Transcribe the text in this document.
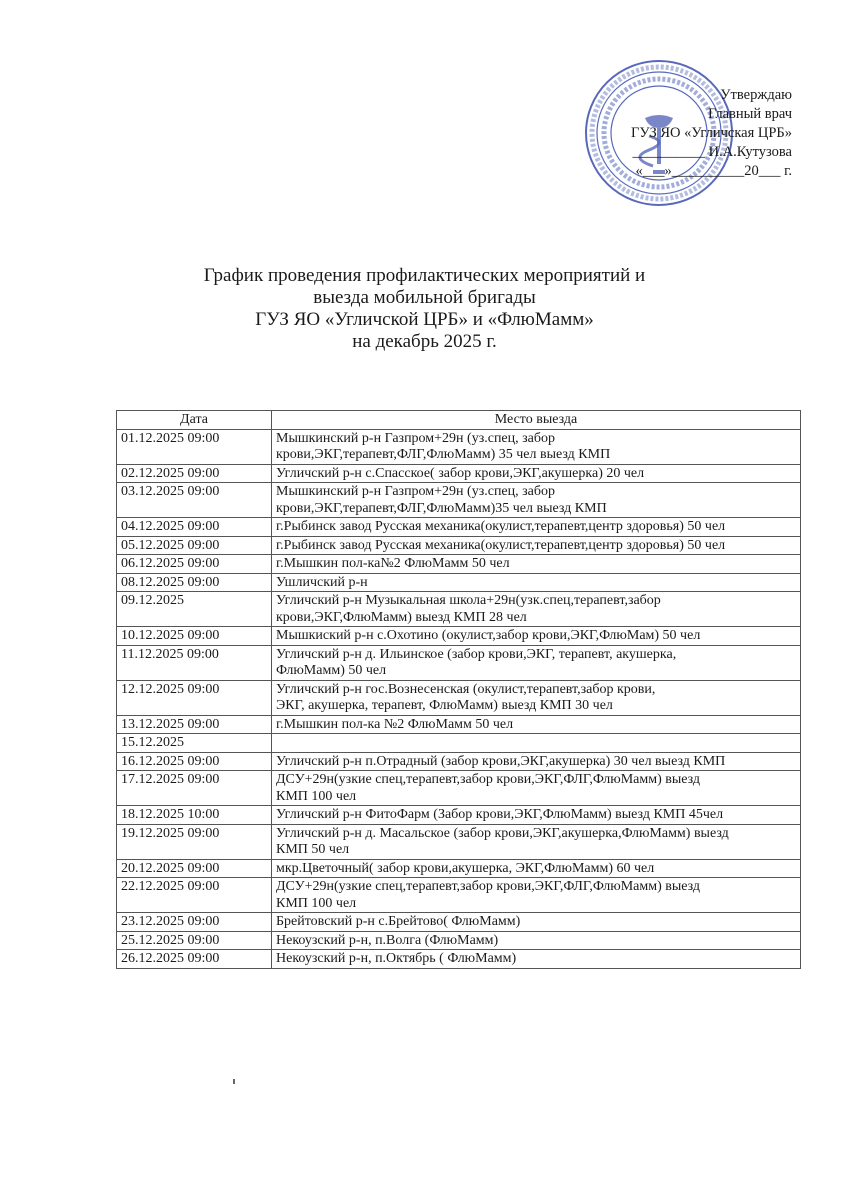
Утверждаю
Главный врач
ГУЗ ЯО «Угличская ЦРБ»
__________ И.А.Кутузова
«___»__________20___ г.
График проведения профилактических мероприятий и
выезда мобильной бригады
ГУЗ ЯО «Угличской ЦРБ» и «ФлюМамм»
на декабрь 2025 г.
Дата	Место выезда
01.12.2025 09:00	Мышкинский р-н Газпром+29н (уз.спец, забор
крови,ЭКГ,терапевт,ФЛГ,ФлюМамм) 35 чел выезд КМП
02.12.2025 09:00	Угличский р-н с.Спасское( забор крови,ЭКГ,акушерка) 20 чел
03.12.2025 09:00	Мышкинский р-н Газпром+29н (уз.спец, забор
крови,ЭКГ,терапевт,ФЛГ,ФлюМамм)35 чел выезд КМП
04.12.2025 09:00	г.Рыбинск завод Русская механика(окулист,терапевт,центр здоровья) 50 чел
05.12.2025 09:00	г.Рыбинск завод Русская механика(окулист,терапевт,центр здоровья) 50 чел
06.12.2025 09:00	г.Мышкин пол-ка№2 ФлюМамм 50 чел
08.12.2025 09:00	Ушличский р-н
09.12.2025	Угличский р-н Музыкальная школа+29н(узк.спец,терапевт,забор
крови,ЭКГ,ФлюМамм) выезд КМП 28 чел
10.12.2025 09:00	Мышкиский р-н с.Охотино (окулист,забор крови,ЭКГ,ФлюМам) 50 чел
11.12.2025 09:00	Угличский р-н д. Ильинское (забор крови,ЭКГ, терапевт, акушерка,
ФлюМамм) 50 чел
12.12.2025 09:00	Угличский р-н гос.Вознесенская (окулист,терапевт,забор крови,
ЭКГ, акушерка, терапевт, ФлюМамм) выезд КМП 30 чел
13.12.2025 09:00	г.Мышкин пол-ка №2 ФлюМамм 50 чел
15.12.2025	
16.12.2025 09:00	Угличский р-н п.Отрадный (забор крови,ЭКГ,акушерка) 30 чел выезд КМП
17.12.2025 09:00	ДСУ+29н(узкие спец,терапевт,забор крови,ЭКГ,ФЛГ,ФлюМамм) выезд
КМП 100 чел
18.12.2025 10:00	Угличский р-н ФитоФарм (Забор крови,ЭКГ,ФлюМамм) выезд КМП 45чел
19.12.2025 09:00	Угличский р-н д. Масальское (забор крови,ЭКГ,акушерка,ФлюМамм) выезд
КМП 50 чел
20.12.2025 09:00	мкр.Цветочный( забор крови,акушерка, ЭКГ,ФлюМамм) 60 чел
22.12.2025 09:00	ДСУ+29н(узкие спец,терапевт,забор крови,ЭКГ,ФЛГ,ФлюМамм) выезд
КМП 100 чел
23.12.2025 09:00	Брейтовский р-н с.Брейтово( ФлюМамм)
25.12.2025 09:00	Некоузский р-н, п.Волга (ФлюМамм)
26.12.2025 09:00	Некоузский р-н, п.Октябрь ( ФлюМамм)
